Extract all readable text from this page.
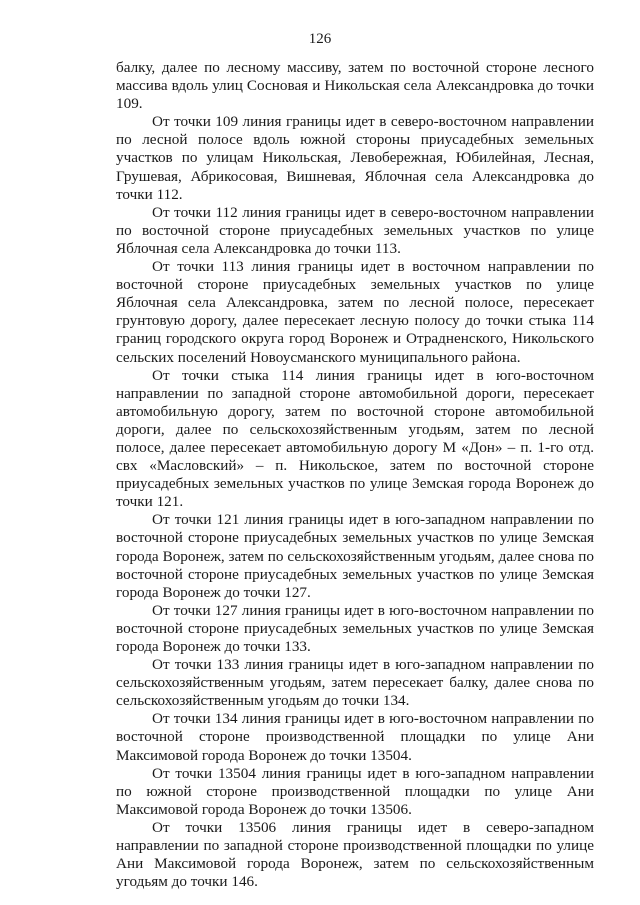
126

балку, далее по лесному массиву, затем по восточной стороне лесного массива вдоль улиц Сосновая и Никольская села Александровка до точки 109.

От точки 109 линия границы идет в северо-восточном направлении по лесной полосе вдоль южной стороны приусадебных земельных участков по улицам Никольская, Левобережная, Юбилейная, Лесная, Грушевая, Абрикосовая, Вишневая, Яблочная села Александровка до точки 112.

От точки 112 линия границы идет в северо-восточном направлении по восточной стороне приусадебных земельных участков по улице Яблочная села Александровка до точки 113.

От точки 113 линия границы идет в восточном направлении по восточной стороне приусадебных земельных участков по улице Яблочная села Александровка, затем по лесной полосе, пересекает грунтовую дорогу, далее пересекает лесную полосу до точки стыка 114 границ городского округа город Воронеж и Отрадненского, Никольского сельских поселений Новоусманского муниципального района.

От точки стыка 114 линия границы идет в юго-восточном направлении по западной стороне автомобильной дороги, пересекает автомобильную дорогу, затем по восточной стороне автомобильной дороги, далее по сельскохозяйственным угодьям, затем по лесной полосе, далее пересекает автомобильную дорогу М «Дон» – п. 1-го отд. свх «Масловский» – п. Никольское, затем по восточной стороне приусадебных земельных участков по улице Земская города Воронеж до точки 121.

От точки 121 линия границы идет в юго-западном направлении по восточной стороне приусадебных земельных участков по улице Земская города Воронеж, затем по сельскохозяйственным угодьям, далее снова по восточной стороне приусадебных земельных участков по улице Земская города Воронеж до точки 127.

От точки 127 линия границы идет в юго-восточном направлении по восточной стороне приусадебных земельных участков по улице Земская города Воронеж до точки 133.

От точки 133 линия границы идет в юго-западном направлении по сельскохозяйственным угодьям, затем пересекает балку, далее снова по сельскохозяйственным угодьям до точки 134.

От точки 134 линия границы идет в юго-восточном направлении по восточной стороне производственной площадки по улице Ани Максимовой города Воронеж до точки 13504.

От точки 13504 линия границы идет в юго-западном направлении по южной стороне производственной площадки по улице Ани Максимовой города Воронеж до точки 13506.

От точки 13506 линия границы идет в северо-западном направлении по западной стороне производственной площадки по улице Ани Максимовой города Воронеж, затем по сельскохозяйственным угодьям до точки 146.
